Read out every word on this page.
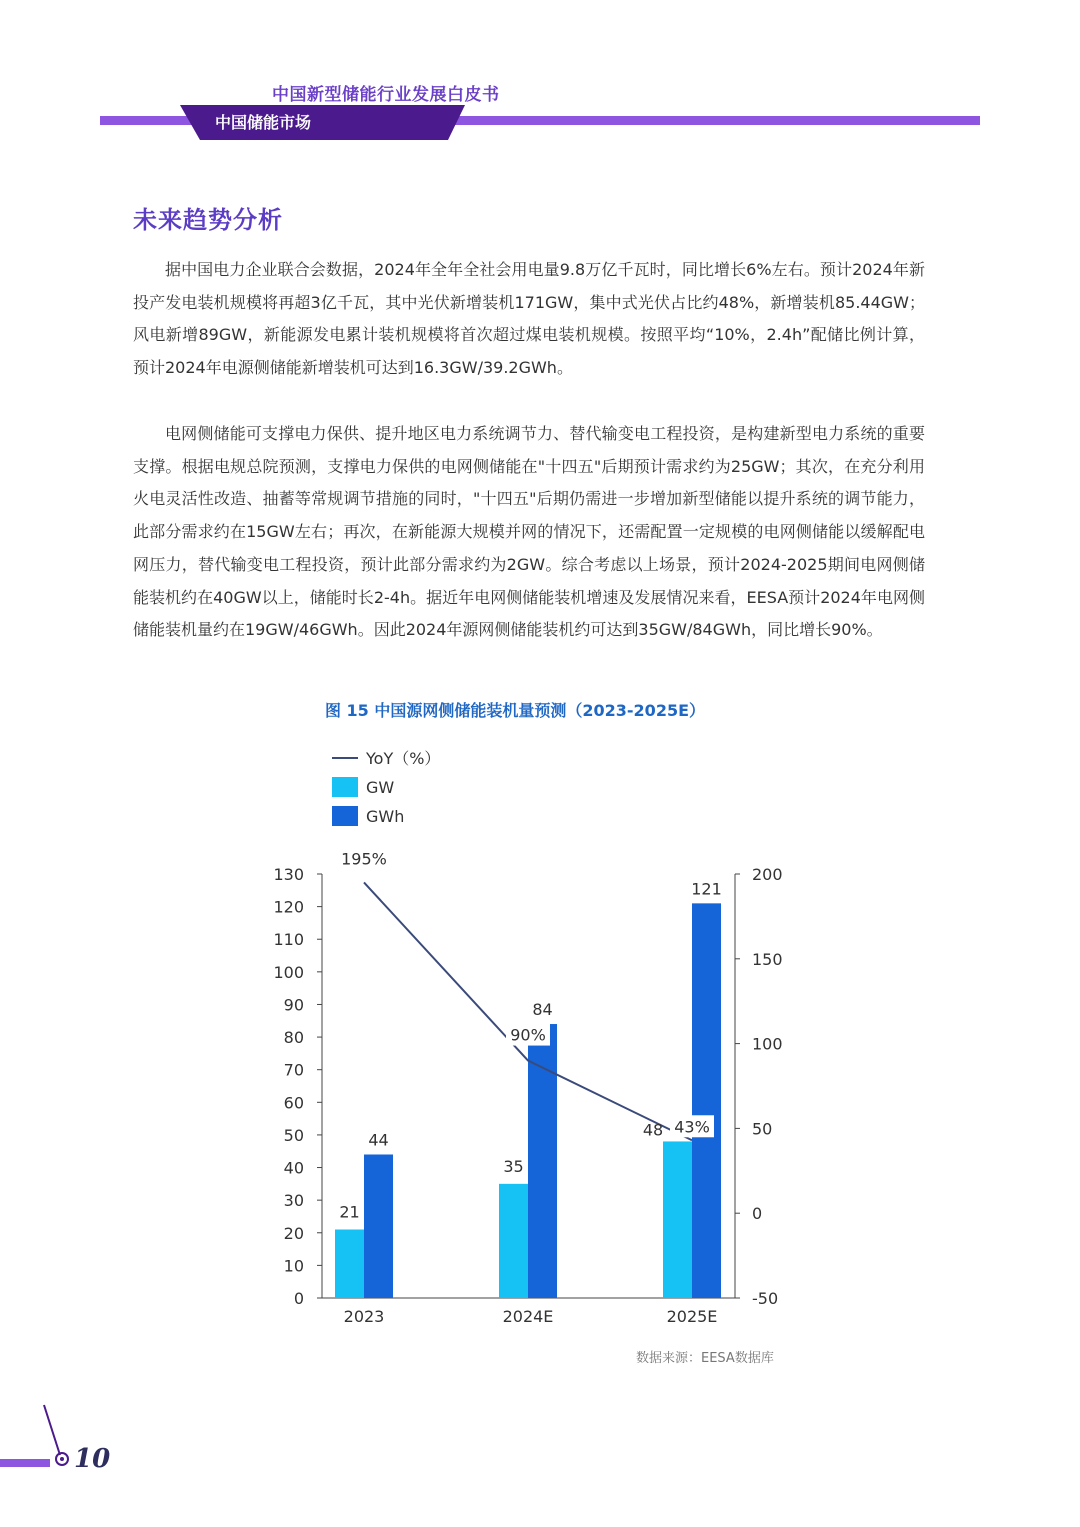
中国新型储能行业发展白皮书
中国储能市场
未来趋势分析

据中国电力企业联合会数据，2024年全年全社会用电量9.8万亿千瓦时，同比增长6%左右。预计2024年新投产发电装机规模将再超3亿千瓦，其中光伏新增装机171GW，集中式光伏占比约48%，新增装机85.44GW；风电新增89GW，新能源发电累计装机规模将首次超过煤电装机规模。按照平均“10%，2.4h”配储比例计算，预计2024年电源侧储能新增装机可达到16.3GW/39.2GWh。

电网侧储能可支撑电力保供、提升地区电力系统调节力、替代输变电工程投资，是构建新型电力系统的重要支撑。根据电规总院预测，支撑电力保供的电网侧储能在"十四五"后期预计需求约为25GW；其次，在充分利用火电灵活性改造、抽蓄等常规调节措施的同时，"十四五"后期仍需进一步增加新型储能以提升系统的调节能力，此部分需求约在15GW左右；再次，在新能源大规模并网的情况下，还需配置一定规模的电网侧储能以缓解配电网压力，替代输变电工程投资，预计此部分需求约为2GW。综合考虑以上场景，预计2024-2025期间电网侧储能装机约在40GW以上，储能时长2-4h。据近年电网侧储能装机增速及发展情况来看，EESA预计2024年电网侧储能装机量约在19GW/46GWh。因此2024年源网侧储能装机约可达到35GW/84GWh，同比增长90%。

图 15 中国源网侧储能装机量预测（2023-2025E）
YoY（%）
GW
GWh
0
10
20
30
40
50
60
70
80
90
100
110
120
130
-50
0
50
100
150
200
2023	2024E	2025E
21
44
35
84
48
121
195%
90%
43%
数据来源：EESA数据库
10
